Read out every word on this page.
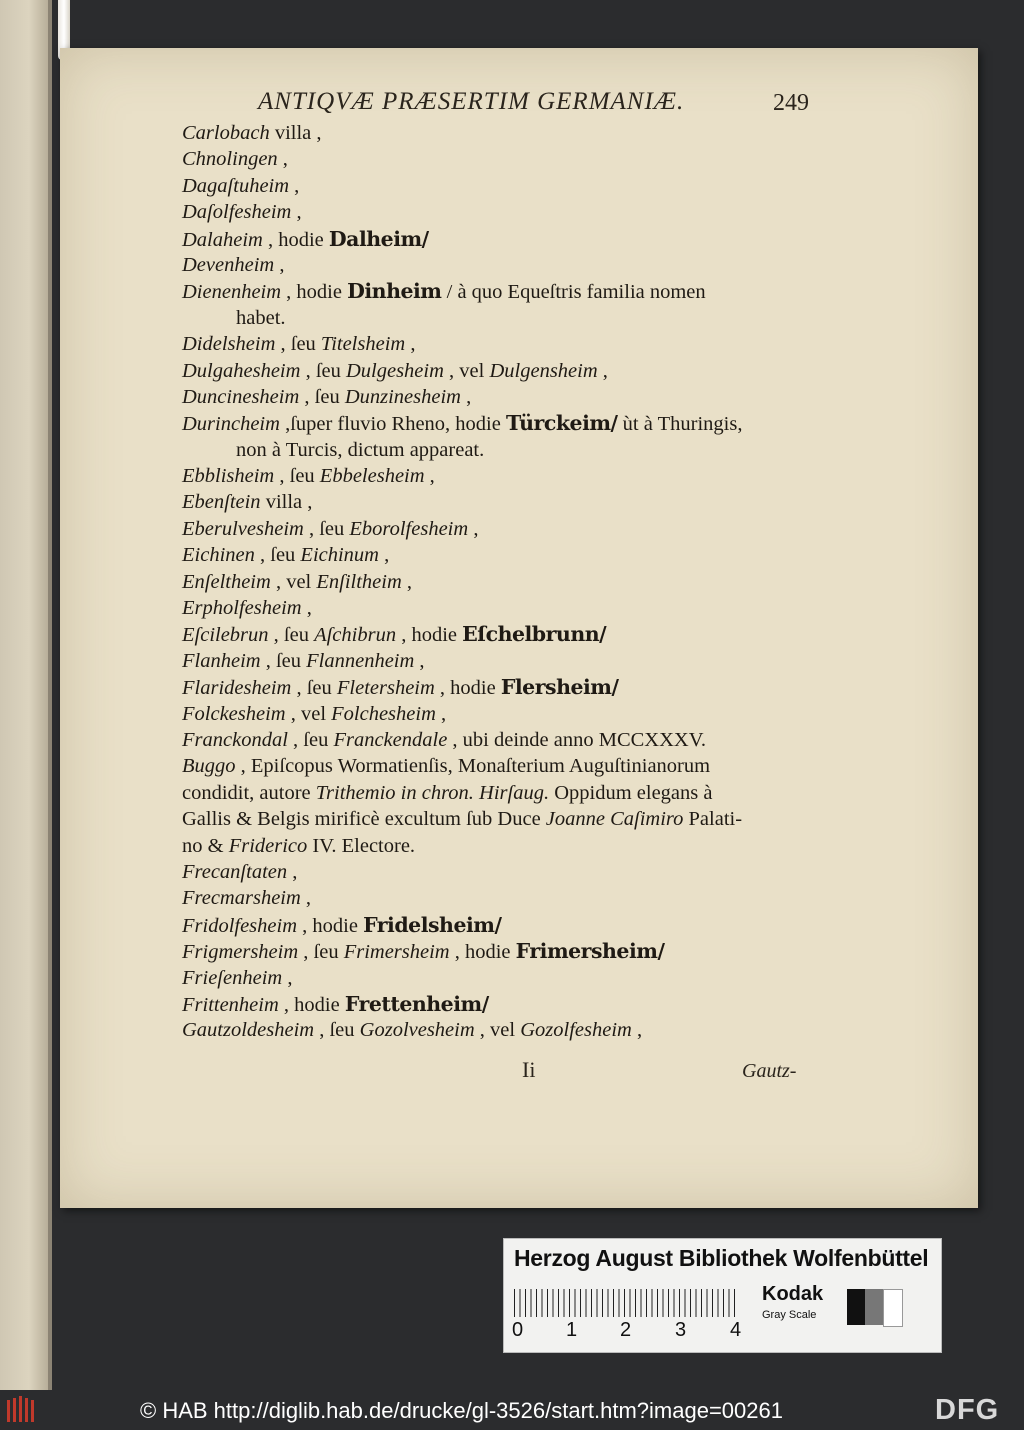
ANTIQVÆ PRÆSERTIM GERMANIÆ.	249
Carlobach villa ,
Chnolingen ,
Dagaſtuheim ,
Daſolfesheim ,
Dalaheim , hodie Dalheim/
Devenheim ,
Dienenheim , hodie Dinheim / à quo Equeſtris familia nomen
habet.
Didelsheim , ſeu Titelsheim ,
Dulgahesheim , ſeu Dulgesheim , vel Dulgensheim ,
Duncinesheim , ſeu Dunzinesheim ,
Durincheim ,ſuper fluvio Rheno, hodie Türckeim/ ùt à Thuringis,
non à Turcis, dictum appareat.
Ebblisheim , ſeu Ebbelesheim ,
Ebenſtein villa ,
Eberulvesheim , ſeu Eborolfesheim ,
Eichinen , ſeu Eichinum ,
Enſeltheim , vel Enſiltheim ,
Erpholfesheim ,
Eſcilebrun , ſeu Aſchibrun , hodie Eſchelbrunn/
Flanheim , ſeu Flannenheim ,
Flaridesheim , ſeu Fletersheim , hodie Flersheim/
Folckesheim , vel Folchesheim ,
Franckondal , ſeu Franckendale , ubi deinde anno MCCXXXV.
Buggo , Epiſcopus Wormatienſis, Monaſterium Auguſtinianorum
condidit, autore Trithemio in chron. Hirſaug. Oppidum elegans à
Gallis & Belgis mirificè excultum ſub Duce Joanne Caſimiro Palati-
no & Friderico IV. Electore.
Frecanſtaten ,
Frecmarsheim ,
Fridolfesheim , hodie Fridelsheim/
Frigmersheim , ſeu Frimersheim , hodie Frimersheim/
Frieſenheim ,
Frittenheim , hodie Frettenheim/
Gautzoldesheim , ſeu Gozolvesheim , vel Gozolfesheim ,
Ii	Gautz-
Herzog August Bibliothek Wolfenbüttel
0 1 2 3 4
Kodak
Gray Scale
© HAB http://diglib.hab.de/drucke/gl-3526/start.htm?image=00261	DFG
